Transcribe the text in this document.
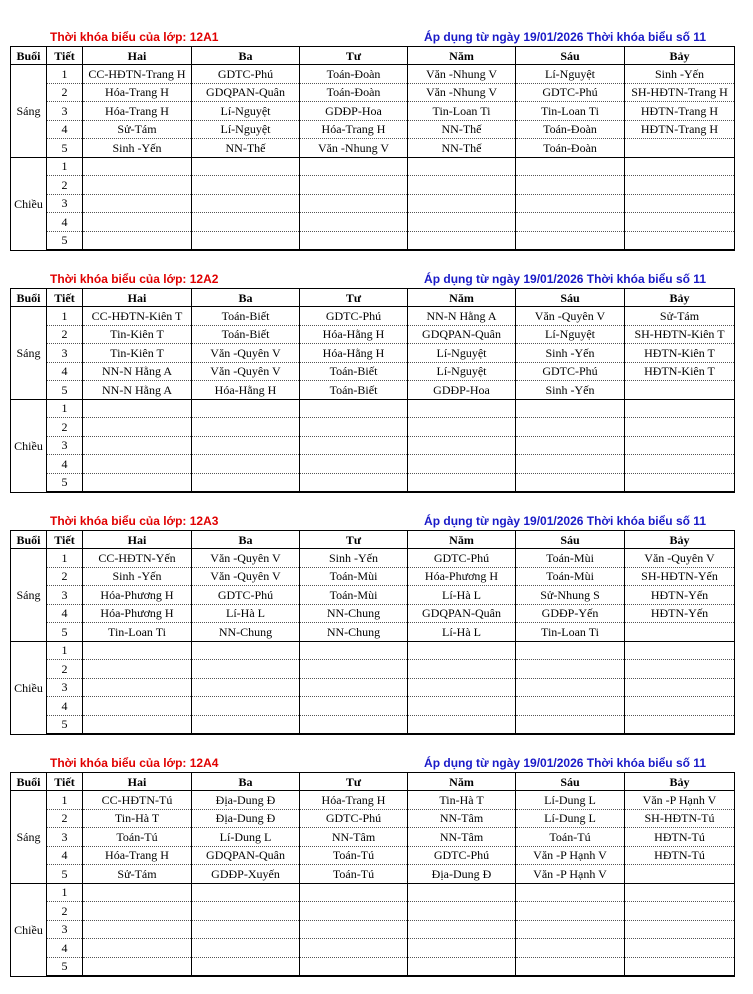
Thời khóa biểu của lớp: 12A1	Áp dụng từ ngày 19/01/2026 Thời khóa biểu số 11
Buổi	Tiết	Hai	Ba	Tư	Năm	Sáu	Bảy
Sáng	1	CC-HĐTN-Trang H	GDTC-Phú	Toán-Đoàn	Văn -Nhung V	Lí-Nguyệt	Sinh -Yến
	2	Hóa-Trang H	GDQPAN-Quân	Toán-Đoàn	Văn -Nhung V	GDTC-Phú	SH-HĐTN-Trang H
	3	Hóa-Trang H	Lí-Nguyệt	GDĐP-Hoa	Tin-Loan Ti	Tin-Loan Ti	HĐTN-Trang H
	4	Sử-Tám	Lí-Nguyệt	Hóa-Trang H	NN-Thế	Toán-Đoàn	HĐTN-Trang H
	5	Sinh -Yến	NN-Thế	Văn -Nhung V	NN-Thế	Toán-Đoàn	
Chiều	1						
	2						
	3						
	4						
	5						
Thời khóa biểu của lớp: 12A2	Áp dụng từ ngày 19/01/2026 Thời khóa biểu số 11
Buổi	Tiết	Hai	Ba	Tư	Năm	Sáu	Bảy
Sáng	1	CC-HĐTN-Kiên T	Toán-Biết	GDTC-Phú	NN-N Hằng A	Văn -Quyên V	Sử-Tám
	2	Tin-Kiên T	Toán-Biết	Hóa-Hằng H	GDQPAN-Quân	Lí-Nguyệt	SH-HĐTN-Kiên T
	3	Tin-Kiên T	Văn -Quyên V	Hóa-Hằng H	Lí-Nguyệt	Sinh -Yến	HĐTN-Kiên T
	4	NN-N Hằng A	Văn -Quyên V	Toán-Biết	Lí-Nguyệt	GDTC-Phú	HĐTN-Kiên T
	5	NN-N Hằng A	Hóa-Hằng H	Toán-Biết	GDĐP-Hoa	Sinh -Yến	
Chiều	1						
	2						
	3						
	4						
	5						
Thời khóa biểu của lớp: 12A3	Áp dụng từ ngày 19/01/2026 Thời khóa biểu số 11
Buổi	Tiết	Hai	Ba	Tư	Năm	Sáu	Bảy
Sáng	1	CC-HĐTN-Yến	Văn -Quyên V	Sinh -Yến	GDTC-Phú	Toán-Mùi	Văn -Quyên V
	2	Sinh -Yến	Văn -Quyên V	Toán-Mùi	Hóa-Phương H	Toán-Mùi	SH-HĐTN-Yến
	3	Hóa-Phương H	GDTC-Phú	Toán-Mùi	Lí-Hà L	Sử-Nhung S	HĐTN-Yến
	4	Hóa-Phương H	Lí-Hà L	NN-Chung	GDQPAN-Quân	GDĐP-Yến	HĐTN-Yến
	5	Tin-Loan Ti	NN-Chung	NN-Chung	Lí-Hà L	Tin-Loan Ti	
Chiều	1						
	2						
	3						
	4						
	5						
Thời khóa biểu của lớp: 12A4	Áp dụng từ ngày 19/01/2026 Thời khóa biểu số 11
Buổi	Tiết	Hai	Ba	Tư	Năm	Sáu	Bảy
Sáng	1	CC-HĐTN-Tú	Địa-Dung Đ	Hóa-Trang H	Tin-Hà T	Lí-Dung L	Văn -P Hạnh V
	2	Tin-Hà T	Địa-Dung Đ	GDTC-Phú	NN-Tâm	Lí-Dung L	SH-HĐTN-Tú
	3	Toán-Tú	Lí-Dung L	NN-Tâm	NN-Tâm	Toán-Tú	HĐTN-Tú
	4	Hóa-Trang H	GDQPAN-Quân	Toán-Tú	GDTC-Phú	Văn -P Hạnh V	HĐTN-Tú
	5	Sử-Tám	GDĐP-Xuyến	Toán-Tú	Địa-Dung Đ	Văn -P Hạnh V	
Chiều	1						
	2						
	3						
	4						
	5						
